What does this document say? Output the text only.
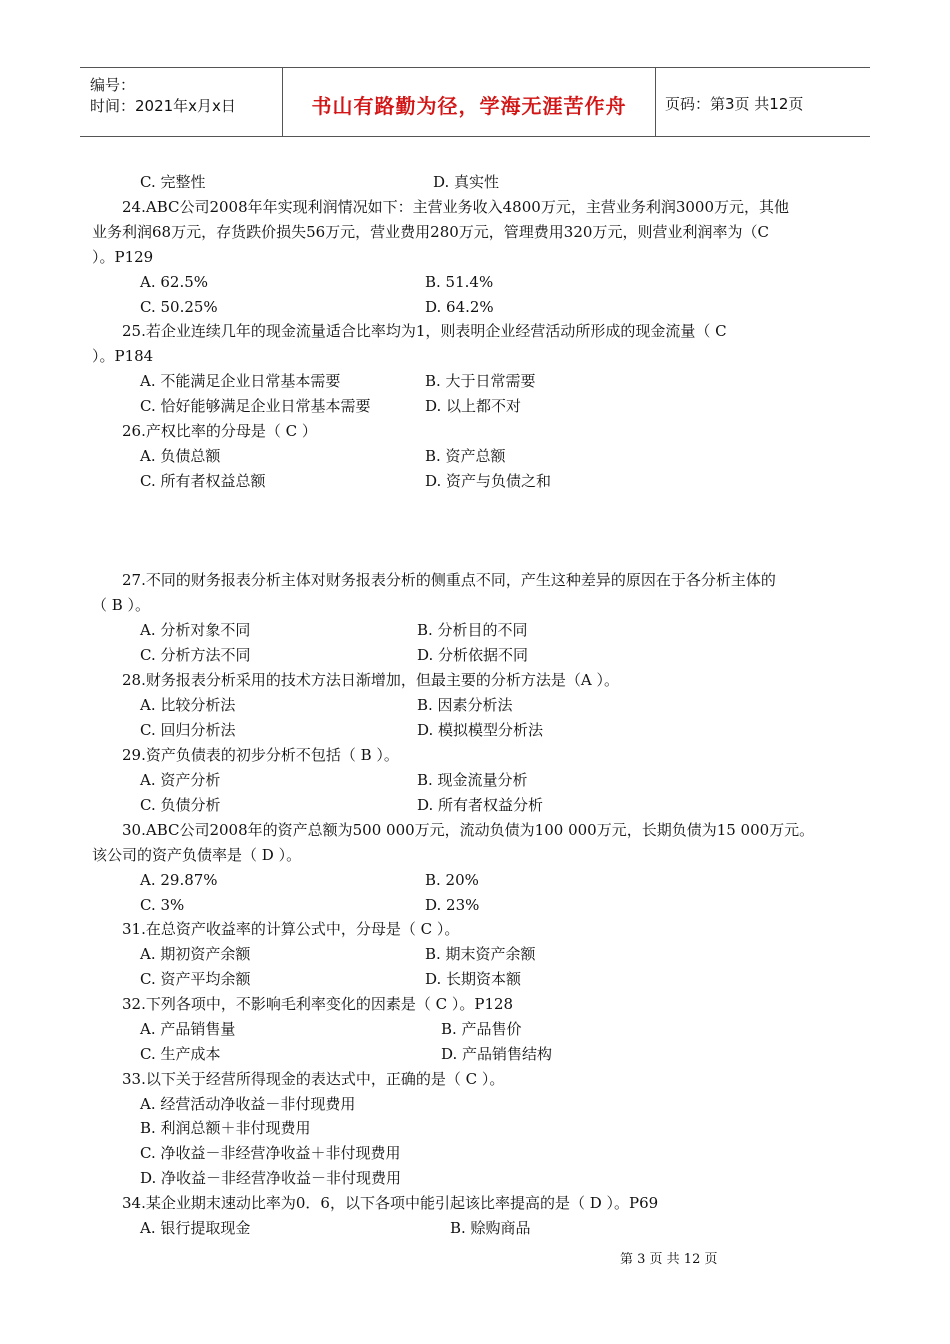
编号：
时间：2021年x月x日	书山有路勤为径，学海无涯苦作舟	页码：第3页 共12页
C. 完整性	D. 真实性
24.ABC公司2008年年实现利润情况如下：主营业务收入4800万元，主营业务利润3000万元，其他
业务利润68万元，存货跌价损失56万元，营业费用280万元，管理费用320万元，则营业利润率为（C
）。P129
A. 62.5%	B. 51.4%
C. 50.25%	D. 64.2%
25.若企业连续几年的现金流量适合比率均为1，则表明企业经营活动所形成的现金流量（ C
）。P184
A. 不能满足企业日常基本需要	B. 大于日常需要
C. 恰好能够满足企业日常基本需要	D. 以上都不对
26.产权比率的分母是（ C ）
A. 负债总额	B. 资产总额
C. 所有者权益总额	D. 资产与负债之和
27.不同的财务报表分析主体对财务报表分析的侧重点不同，产生这种差异的原因在于各分析主体的
（ B ）。
A. 分析对象不同	B. 分析目的不同
C. 分析方法不同	D. 分析依据不同
28.财务报表分析采用的技术方法日渐增加，但最主要的分析方法是（A ）。
A. 比较分析法	B. 因素分析法
C. 回归分析法	D. 模拟模型分析法
29.资产负债表的初步分析不包括（ B ）。
A. 资产分析	B. 现金流量分析
C. 负债分析	D. 所有者权益分析
30.ABC公司2008年的资产总额为500 000万元，流动负债为100 000万元，长期负债为15 000万元。
该公司的资产负债率是（ D ）。
A. 29.87%	B. 20%
C. 3%	D. 23%
31.在总资产收益率的计算公式中，分母是（ C ）。
A. 期初资产余额	B. 期末资产余额
C. 资产平均余额	D. 长期资本额
32.下列各项中，不影响毛利率变化的因素是（ C ）。P128
A. 产品销售量	B. 产品售价
C. 生产成本	D. 产品销售结构
33.以下关于经营所得现金的表达式中，正确的是（ C ）。
A. 经营活动净收益－非付现费用
B. 利润总额＋非付现费用
C. 净收益－非经营净收益＋非付现费用
D. 净收益－非经营净收益－非付现费用
34.某企业期末速动比率为0．6，以下各项中能引起该比率提高的是（ D ）。P69
A. 银行提取现金	B. 赊购商品
第 3 页 共 12 页
